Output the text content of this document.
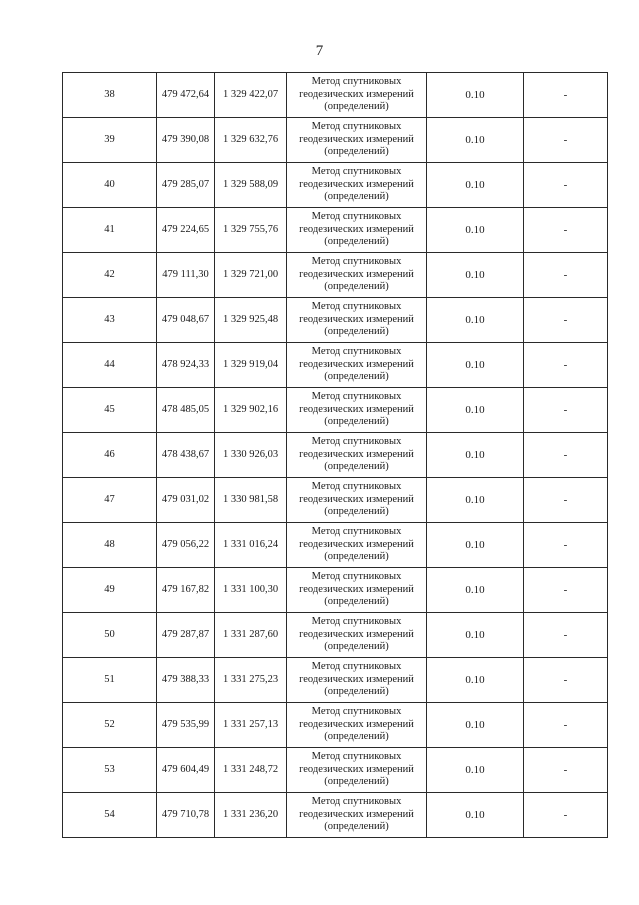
7
38	479 472,64	1 329 422,07	Метод спутниковых
геодезических измерений
(определений)	0.10	-
39	479 390,08	1 329 632,76	Метод спутниковых
геодезических измерений
(определений)	0.10	-
40	479 285,07	1 329 588,09	Метод спутниковых
геодезических измерений
(определений)	0.10	-
41	479 224,65	1 329 755,76	Метод спутниковых
геодезических измерений
(определений)	0.10	-
42	479 111,30	1 329 721,00	Метод спутниковых
геодезических измерений
(определений)	0.10	-
43	479 048,67	1 329 925,48	Метод спутниковых
геодезических измерений
(определений)	0.10	-
44	478 924,33	1 329 919,04	Метод спутниковых
геодезических измерений
(определений)	0.10	-
45	478 485,05	1 329 902,16	Метод спутниковых
геодезических измерений
(определений)	0.10	-
46	478 438,67	1 330 926,03	Метод спутниковых
геодезических измерений
(определений)	0.10	-
47	479 031,02	1 330 981,58	Метод спутниковых
геодезических измерений
(определений)	0.10	-
48	479 056,22	1 331 016,24	Метод спутниковых
геодезических измерений
(определений)	0.10	-
49	479 167,82	1 331 100,30	Метод спутниковых
геодезических измерений
(определений)	0.10	-
50	479 287,87	1 331 287,60	Метод спутниковых
геодезических измерений
(определений)	0.10	-
51	479 388,33	1 331 275,23	Метод спутниковых
геодезических измерений
(определений)	0.10	-
52	479 535,99	1 331 257,13	Метод спутниковых
геодезических измерений
(определений)	0.10	-
53	479 604,49	1 331 248,72	Метод спутниковых
геодезических измерений
(определений)	0.10	-
54	479 710,78	1 331 236,20	Метод спутниковых
геодезических измерений
(определений)	0.10	-
